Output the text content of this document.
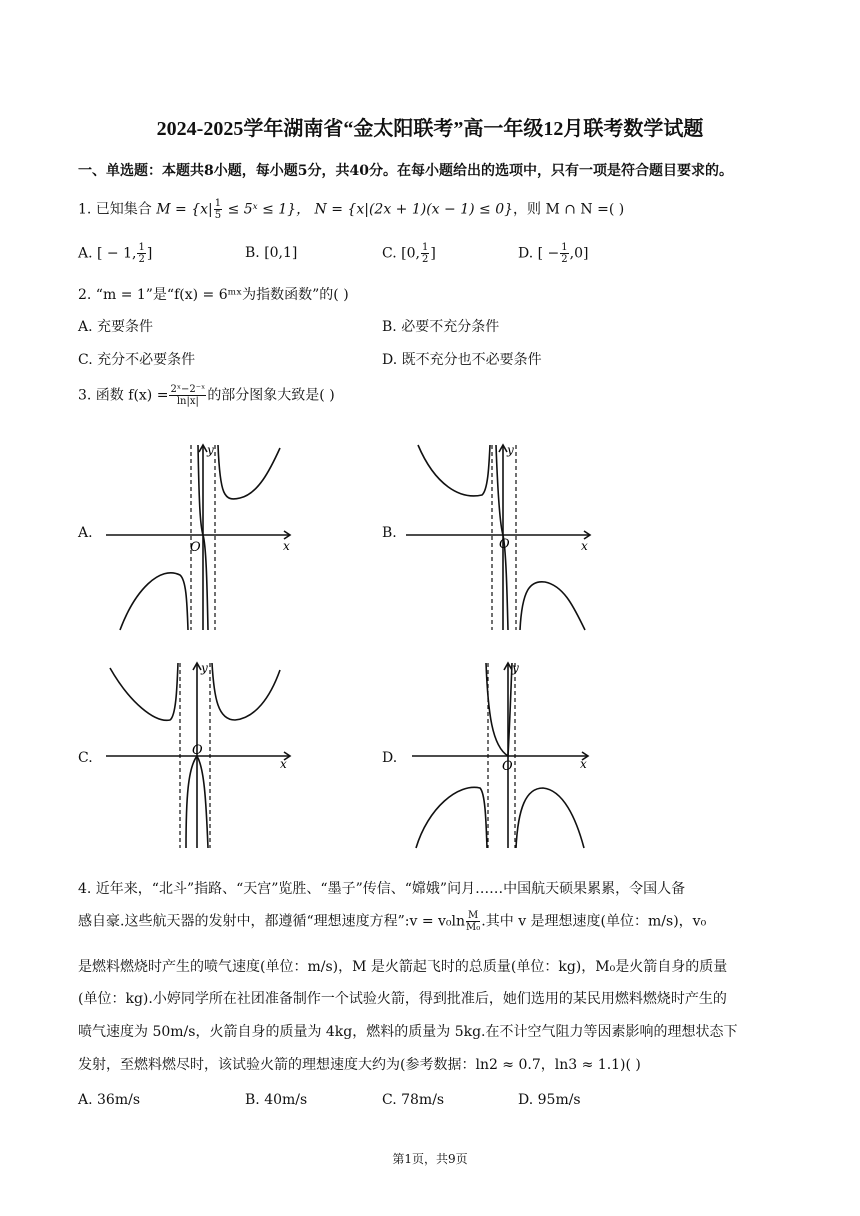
2024-2025学年湖南省“金太阳联考”高一年级12月联考数学试题
一、单选题：本题共8小题，每小题5分，共40分。在每小题给出的选项中，只有一项是符合题目要求的。
1. 已知集合 $M = \{x| \frac{1}{5}$ ≤ 5ˣ ≤ 1}， N = {x|(2x + 1)(x − 1) ≤ 0}，则 M ∩ N =( )
A. [ − 1, $\frac{1}{2}$ ]	B. [0,1]	C. [0, $\frac{1}{2}$ ]	D. [ − $\frac{1}{2} ,0$]
2. “m = 1”是“f(x) = 6ᵐˣ为指数函数”的( )
A. 充要条件	B. 必要不充分条件
C. 充分不必要条件	D. 既不充分也不必要条件
3. 函数 $f(x) = \frac{\text{2ˣ−2⁻ˣ}}{\ln|x|}$ 的部分图象大致是( )
A.	B.
C.	D.
y
x
O
y
x
O
y
x
O
y
x
O
4. 近年来，“北斗”指路、“天宫”览胜、“墨子”传信、“嫦娥”问月……中国航天硕果累累，令国人备
感自豪.这些航天器的发射中，都遵循“理想速度方程”:v = $v_0\ln \frac{M}{\text{M₀}}$ .其中 v 是理想速度(单位：m/s)，v₀
是燃料燃烧时产生的喷气速度(单位：m/s)，M 是火箭起飞时的总质量(单位：kg)，M₀是火箭自身的质量
(单位：kg).小婷同学所在社团准备制作一个试验火箭，得到批准后，她们选用的某民用燃料燃烧时产生的
喷气速度为 50m/s，火箭自身的质量为 4kg，燃料的质量为 5kg.在不计空气阻力等因素影响的理想状态下
发射，至燃料燃尽时，该试验火箭的理想速度大约为(参考数据：ln2 ≈ 0.7，ln3 ≈ 1.1)( )
A. 36m/s	B. 40m/s	C. 78m/s	D. 95m/s
第1页，共9页
